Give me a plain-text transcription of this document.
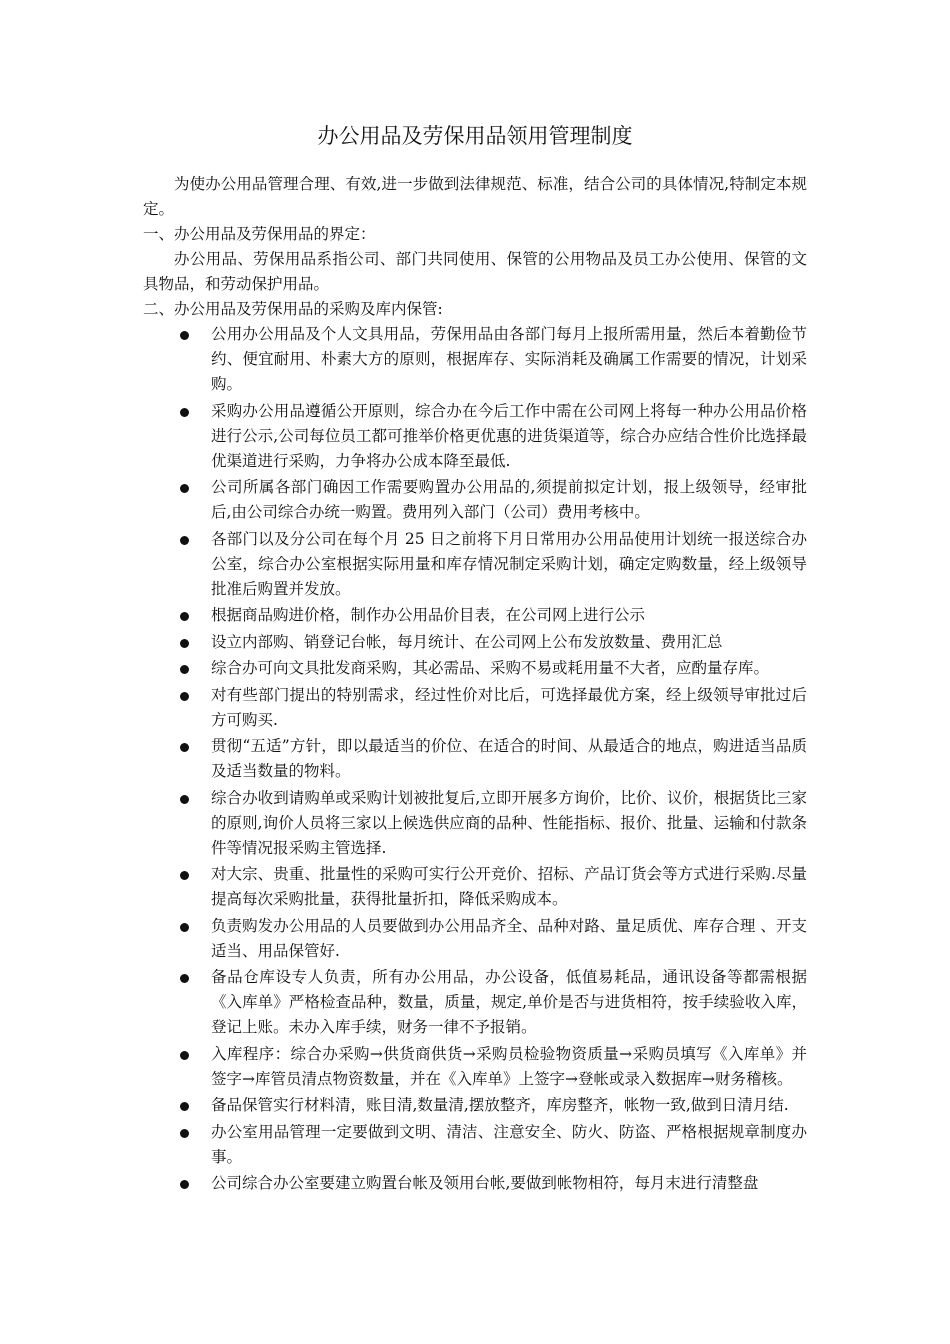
办公用品及劳保用品领用管理制度

为使办公用品管理合理、有效,进一步做到法律规范、标准，结合公司的具体情况,特制定本规定。

一、办公用品及劳保用品的界定：

办公用品、劳保用品系指公司、部门共同使用、保管的公用物品及员工办公使用、保管的文具物品，和劳动保护用品。

二、办公用品及劳保用品的采购及库内保管:

公用办公用品及个人文具用品，劳保用品由各部门每月上报所需用量，然后本着勤俭节约、便宜耐用、朴素大方的原则，根据库存、实际消耗及确属工作需要的情况，计划采购。
采购办公用品遵循公开原则，综合办在今后工作中需在公司网上将每一种办公用品价格进行公示,公司每位员工都可推举价格更优惠的进货渠道等，综合办应结合性价比选择最优渠道进行采购，力争将办公成本降至最低.
公司所属各部门确因工作需要购置办公用品的,须提前拟定计划，报上级领导，经审批后,由公司综合办统一购置。费用列入部门（公司）费用考核中。
各部门以及分公司在每个月 25 日之前将下月日常用办公用品使用计划统一报送综合办公室，综合办公室根据实际用量和库存情况制定采购计划，确定定购数量，经上级领导批准后购置并发放。
根据商品购进价格，制作办公用品价目表，在公司网上进行公示
设立内部购、销登记台帐，每月统计、在公司网上公布发放数量、费用汇总
综合办可向文具批发商采购，其必需品、采购不易或耗用量不大者，应酌量存库。
对有些部门提出的特别需求，经过性价对比后，可选择最优方案，经上级领导审批过后方可购买.
贯彻“五适”方针，即以最适当的价位、在适合的时间、从最适合的地点，购进适当品质及适当数量的物料。
综合办收到请购单或采购计划被批复后,立即开展多方询价，比价、议价，根据货比三家的原则,询价人员将三家以上候选供应商的品种、性能指标、报价、批量、运输和付款条件等情况报采购主管选择.
对大宗、贵重、批量性的采购可实行公开竞价、招标、产品订货会等方式进行采购.尽量提高每次采购批量，获得批量折扣，降低采购成本。
负责购发办公用品的人员要做到办公用品齐全、品种对路、量足质优、库存合理 、开支适当、用品保管好.
备品仓库设专人负责，所有办公用品，办公设备，低值易耗品，通讯设备等都需根据《入库单》严格检查品种，数量，质量，规定,单价是否与进货相符，按手续验收入库，登记上账。未办入库手续，财务一律不予报销。
入库程序：综合办采购→供货商供货→采购员检验物资质量→采购员填写《入库单》并签字→库管员清点物资数量，并在《入库单》上签字→登帐或录入数据库→财务稽核。
备品保管实行材料清，账目清,数量清,摆放整齐，库房整齐，帐物一致,做到日清月结.
办公室用品管理一定要做到文明、清洁、注意安全、防火、防盗、严格根据规章制度办事。
公司综合办公室要建立购置台帐及领用台帐,要做到帐物相符，每月末进行清整盘
